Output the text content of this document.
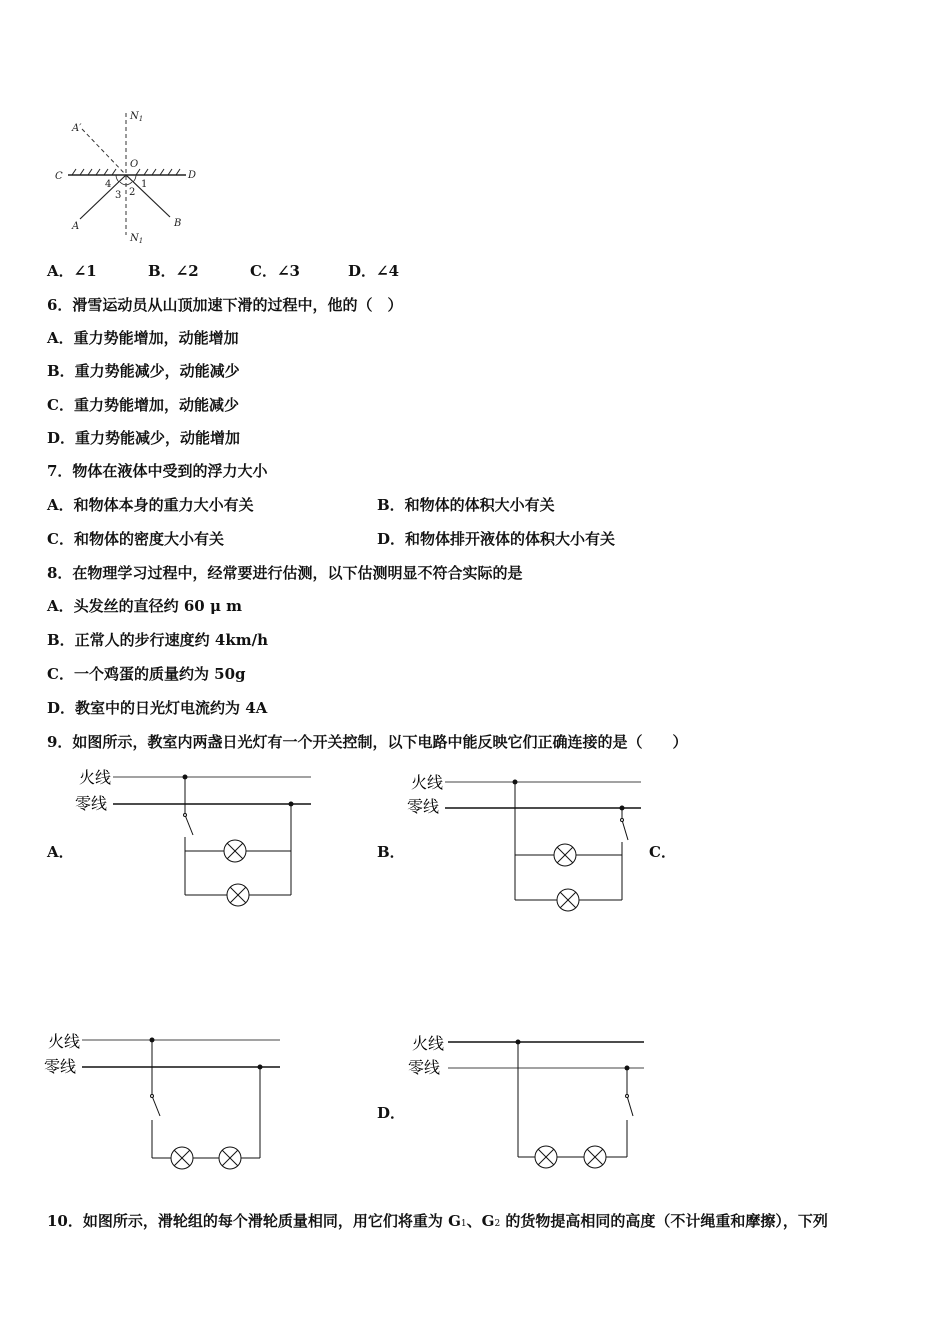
A′
$N_1$
O
C	D
A	B
$N_1$
4	1
2
3
A．∠1	B．∠2	C．∠3	D．∠4
6．滑雪运动员从山顶加速下滑的过程中，他的（　）
A．重力势能增加，动能增加
B．重力势能减少，动能减少
C．重力势能增加，动能减少
D．重力势能减少，动能增加
7．物体在液体中受到的浮力大小
A．和物体本身的重力大小有关	B．和物体的体积大小有关
C．和物体的密度大小有关	D．和物体排开液体的体积大小有关
8．在物理学习过程中，经常要进行估测，以下估测明显不符合实际的是
A．头发丝的直径约 60 μ m
B．正常人的步行速度约 4km/h
C．一个鸡蛋的质量约为 50g
D．教室中的日光灯电流约为 4A
9．如图所示，教室内两盏日光灯有一个开关控制，以下电路中能反映它们正确连接的是（　　）
A．	B．	C．
D．
火线
零线
火线
零线
火线
零线
火线
零线
10．如图所示，滑轮组的每个滑轮质量相同，用它们将重为 G1、G2 的货物提高相同的高度（不计绳重和摩擦），下列
